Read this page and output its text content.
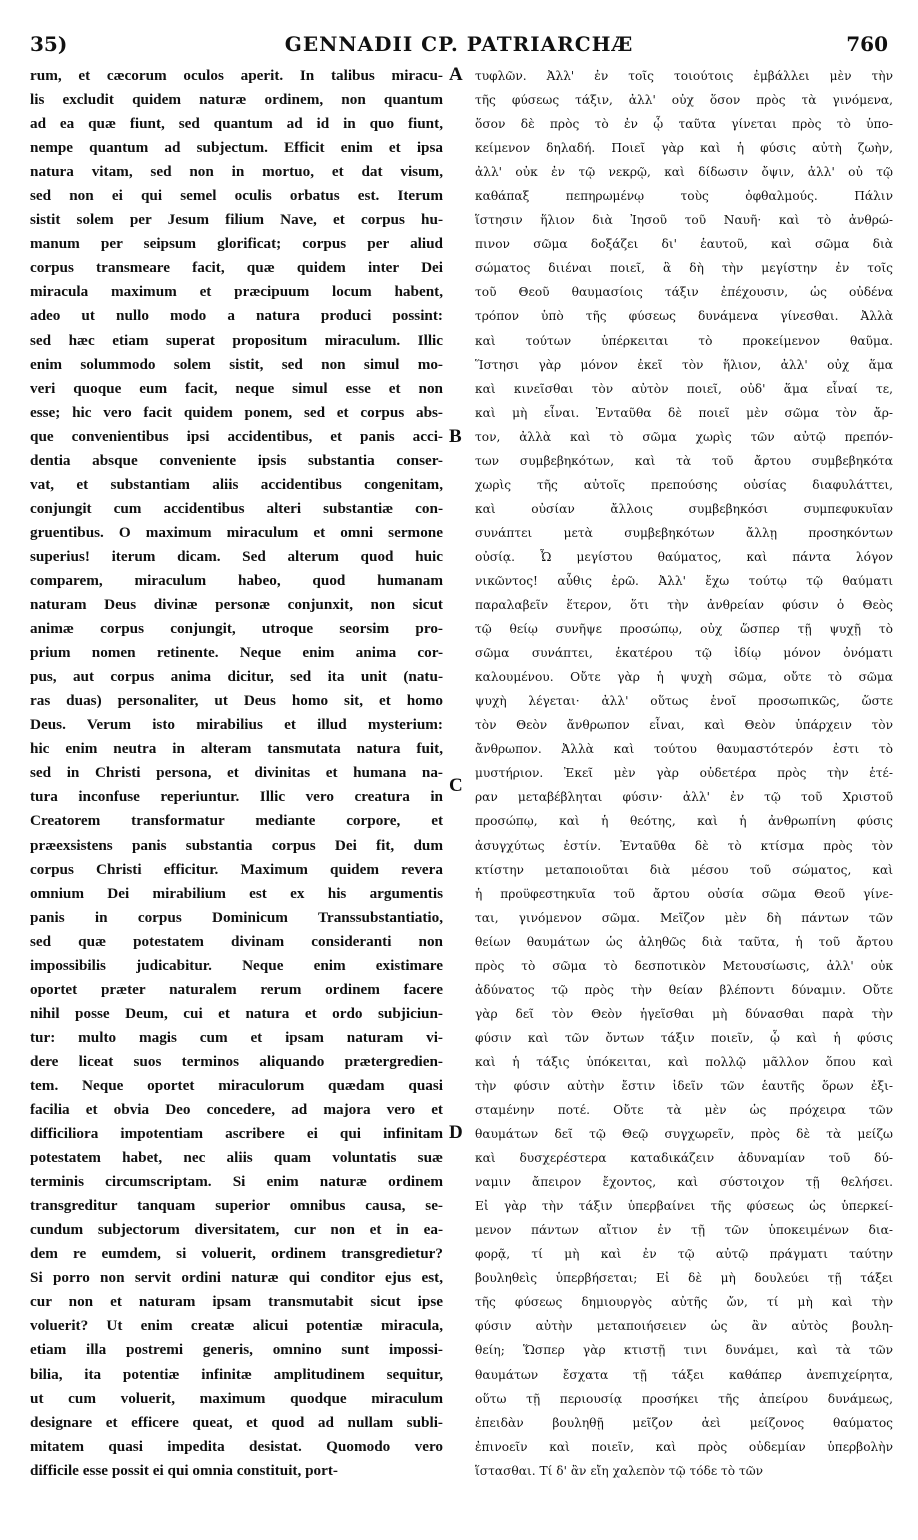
35)	GENNADII CP. PATRIARCHÆ	760
rum, et cæcorum oculos aperit. In talibus miracu-
lis excludit quidem naturæ ordinem, non quantum
ad ea quæ fiunt, sed quantum ad id in quo fiunt,
nempe quantum ad subjectum. Efficit enim et ipsa
natura vitam, sed non in mortuo, et dat visum,
sed non ei qui semel oculis orbatus est. Iterum
sistit solem per Jesum filium Nave, et corpus hu-
manum per seipsum glorificat; corpus per aliud
corpus transmeare facit, quæ quidem inter Dei
miracula maximum et præcipuum locum habent,
adeo ut nullo modo a natura produci possint:
sed hæc etiam superat propositum miraculum. Illic
enim solummodo solem sistit, sed non simul mo-
veri quoque eum facit, neque simul esse et non
esse; hic vero facit quidem ponem, sed et corpus abs-
que convenientibus ipsi accidentibus, et panis acci-
dentia absque conveniente ipsis substantia conser-
vat, et substantiam aliis accidentibus congenitam,
conjungit cum accidentibus alteri substantiæ con-
gruentibus. O maximum miraculum et omni sermone
superius! iterum dicam. Sed alterum quod huic
comparem, miraculum habeo, quod humanam
naturam Deus divinæ personæ conjunxit, non sicut
animæ corpus conjungit, utroque seorsim pro-
prium nomen retinente. Neque enim anima cor-
pus, aut corpus anima dicitur, sed ita unit (natu-
ras duas) personaliter, ut Deus homo sit, et homo
Deus. Verum isto mirabilius et illud mysterium:
hic enim neutra in alteram tansmutata natura fuit,
sed in Christi persona, et divinitas et humana na-
tura inconfuse reperiuntur. Illic vero creatura in
Creatorem transformatur mediante corpore, et
præexsistens panis substantia corpus Dei fit, dum
corpus Christi efficitur. Maximum quidem revera
omnium Dei mirabilium est ex his argumentis
panis in corpus Dominicum Transsubstantiatio,
sed quæ potestatem divinam consideranti non
impossibilis judicabitur. Neque enim existimare
oportet præter naturalem rerum ordinem facere
nihil posse Deum, cui et natura et ordo subjiciun-
tur: multo magis cum et ipsam naturam vi-
dere liceat suos terminos aliquando prætergredien-
tem. Neque oportet miraculorum quædam quasi
facilia et obvia Deo concedere, ad majora vero et
difficiliora impotentiam ascribere ei qui infinitam
potestatem habet, nec aliis quam voluntatis suæ
terminis circumscriptam. Si enim naturæ ordinem
transgreditur tanquam superior omnibus causa, se-
cundum subjectorum diversitatem, cur non et in ea-
dem re eumdem, si voluerit, ordinem transgredietur?
Si porro non servit ordini naturæ qui conditor ejus est,
cur non et naturam ipsam transmutabit sicut ipse
voluerit? Ut enim creatæ alicui potentiæ miracula,
etiam illa postremi generis, omnino sunt impossi-
bilia, ita potentiæ infinitæ amplitudinem sequitur,
ut cum voluerit, maximum quodque miraculum
designare et efficere queat, et quod ad nullam subli-
mitatem quasi impedita desistat. Quomodo vero
difficile esse possit ei qui omnia constituit, port-
τυφλῶν. Ἀλλ' ἐν τοῖς τοιούτοις ἐμβάλλει μὲν τὴν
τῆς φύσεως τάξιν, ἀλλ' οὐχ ὅσον πρὸς τὰ γινόμενα,
ὅσον δὲ πρὸς τὸ ἐν ᾧ ταῦτα γίνεται πρὸς τὸ ὑπο-
κείμενον δηλαδή. Ποιεῖ γὰρ καὶ ἡ φύσις αὐτὴ ζωὴν,
ἀλλ' οὐκ ἐν τῷ νεκρῷ, καὶ δίδωσιν ὄψιν, ἀλλ' οὐ τῷ
καθάπαξ πεπηρωμένῳ τοὺς ὀφθαλμούς. Πάλιν
ἵστησιν ἥλιον διὰ Ἰησοῦ τοῦ Ναυῆ· καὶ τὸ ἀνθρώ-
πινον σῶμα δοξάζει δι' ἑαυτοῦ, καὶ σῶμα διὰ
σώματος διιέναι ποιεῖ, ἃ δὴ τὴν μεγίστην ἐν τοῖς
τοῦ Θεοῦ θαυμασίοις τάξιν ἐπέχουσιν, ὡς οὐδένα
τρόπον ὑπὸ τῆς φύσεως δυνάμενα γίνεσθαι. Ἀλλὰ
καὶ τούτων ὑπέρκειται τὸ προκείμενον θαῦμα.
Ἵστησι γὰρ μόνον ἐκεῖ τὸν ἥλιον, ἀλλ' οὐχ ἅμα
καὶ κινεῖσθαι τὸν αὐτὸν ποιεῖ, οὐδ' ἅμα εἶναί τε,
καὶ μὴ εἶναι. Ἐνταῦθα δὲ ποιεῖ μὲν σῶμα τὸν ἄρ-
τον, ἀλλὰ καὶ τὸ σῶμα χωρὶς τῶν αὐτῷ πρεπόν-
των συμβεβηκότων, καὶ τὰ τοῦ ἄρτου συμβεβηκότα
χωρὶς τῆς αὐτοῖς πρεπούσης οὐσίας διαφυλάττει,
καὶ οὐσίαν ἄλλοις συμβεβηκόσι συμπεφυκυῖαν
συνάπτει μετὰ συμβεβηκότων ἄλλῃ προσηκόντων
οὐσίᾳ. Ὦ μεγίστου θαύματος, καὶ πάντα λόγον
νικῶντος! αὖθις ἐρῶ. Ἀλλ' ἔχω τούτῳ τῷ θαύματι
παραλαβεῖν ἕτερον, ὅτι τὴν ἀνθρείαν φύσιν ὁ Θεὸς
τῷ θείῳ συνῆψε προσώπῳ, οὐχ ὥσπερ τῇ ψυχῇ τὸ
σῶμα συνάπτει, ἑκατέρου τῷ ἰδίῳ μόνον ὀνόματι
καλουμένου. Οὔτε γὰρ ἡ ψυχὴ σῶμα, οὔτε τὸ σῶμα
ψυχὴ λέγεται· ἀλλ' οὕτως ἑνοῖ προσωπικῶς, ὥστε
τὸν Θεὸν ἄνθρωπον εἶναι, καὶ Θεὸν ὑπάρχειν τὸν
ἄνθρωπον. Ἀλλὰ καὶ τούτου θαυμαστότερόν ἐστι τὸ
μυστήριον. Ἐκεῖ μὲν γὰρ οὐδετέρα πρὸς τὴν ἑτέ-
ραν μεταβέβληται φύσιν· ἀλλ' ἐν τῷ τοῦ Χριστοῦ
προσώπῳ, καὶ ἡ θεότης, καὶ ἡ ἀνθρωπίνη φύσις
ἀσυγχύτως ἐστίν. Ἐνταῦθα δὲ τὸ κτίσμα πρὸς τὸν
κτίστην μεταποιοῦται διὰ μέσου τοῦ σώματος, καὶ
ἡ προϋφεστηκυῖα τοῦ ἄρτου οὐσία σῶμα Θεοῦ γίνε-
ται, γινόμενον σῶμα. Μεῖζον μὲν δὴ πάντων τῶν
θείων θαυμάτων ὡς ἀληθῶς διὰ ταῦτα, ἡ τοῦ ἄρτου
πρὸς τὸ σῶμα τὸ δεσποτικὸν Μετουσίωσις, ἀλλ' οὐκ
ἀδύνατος τῷ πρὸς τὴν θείαν βλέποντι δύναμιν. Οὔτε
γὰρ δεῖ τὸν Θεὸν ἡγεῖσθαι μὴ δύνασθαι παρὰ τὴν
φύσιν καὶ τῶν ὄντων τάξιν ποιεῖν, ᾧ καὶ ἡ φύσις
καὶ ἡ τάξις ὑπόκειται, καὶ πολλῷ μᾶλλον ὅπου καὶ
τὴν φύσιν αὐτὴν ἔστιν ἰδεῖν τῶν ἑαυτῆς ὅρων ἐξι-
σταμένην ποτέ. Οὔτε τὰ μὲν ὡς πρόχειρα τῶν
θαυμάτων δεῖ τῷ Θεῷ συγχωρεῖν, πρὸς δὲ τὰ μείζω
καὶ δυσχερέστερα καταδικάζειν ἀδυναμίαν τοῦ δύ-
ναμιν ἄπειρον ἔχοντος, καὶ σύστοιχον τῇ θελήσει.
Εἰ γὰρ τὴν τάξιν ὑπερβαίνει τῆς φύσεως ὡς ὑπερκεί-
μενον πάντων αἴτιον ἐν τῇ τῶν ὑποκειμένων δια-
φορᾷ, τί μὴ καὶ ἐν τῷ αὐτῷ πράγματι ταύτην
βουληθεὶς ὑπερβήσεται; Εἰ δὲ μὴ δουλεύει τῇ τάξει
τῆς φύσεως δημιουργὸς αὐτῆς ὤν, τί μὴ καὶ τὴν
φύσιν αὐτὴν μεταποιήσειεν ὡς ἂν αὐτὸς βουλη-
θείη; Ὥσπερ γὰρ κτιστῇ τινι δυνάμει, καὶ τὰ τῶν
θαυμάτων ἔσχατα τῇ τάξει καθάπερ ἀνεπιχείρητα,
οὕτω τῇ περιουσίᾳ προσήκει τῆς ἀπείρου δυνάμεως,
ἐπειδὰν βουληθῇ μεῖζον ἀεὶ μείζονος θαύματος
ἐπινοεῖν καὶ ποιεῖν, καὶ πρὸς οὐδεμίαν ὑπερβολὴν
ἵστασθαι. Τί δ' ἂν εἴη χαλεπὸν τῷ τόδε τὸ τῶν
A
B
C
D
